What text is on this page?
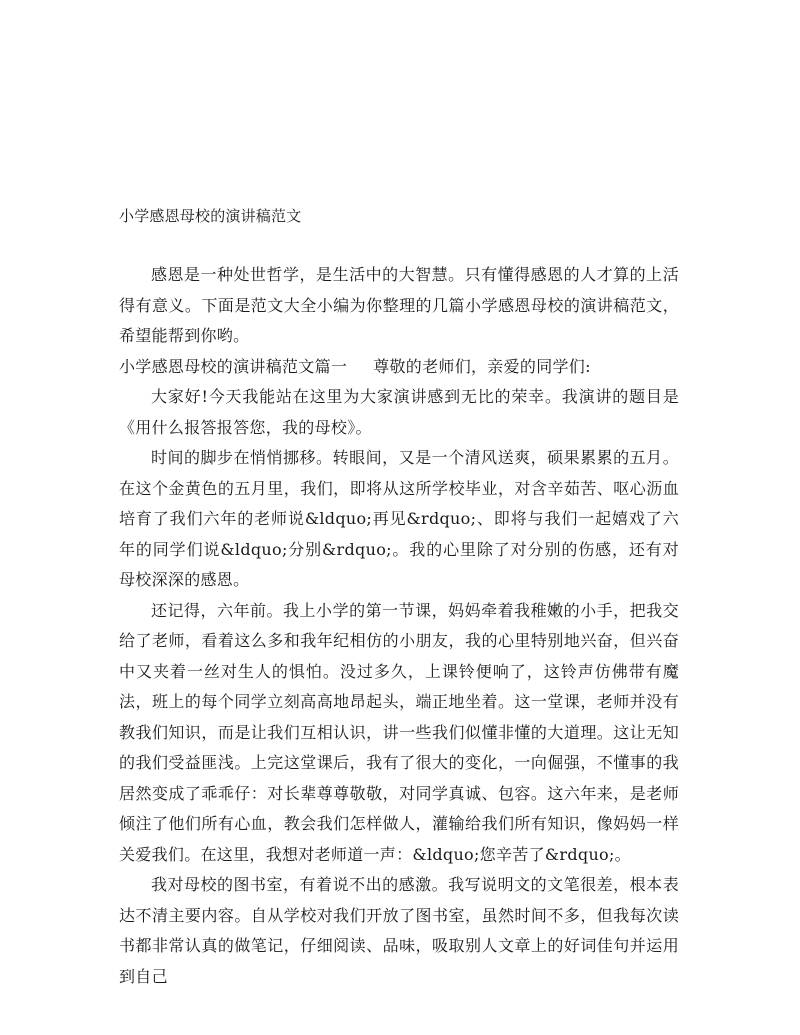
小学感恩母校的演讲稿范文

感恩是一种处世哲学，是生活中的大智慧。只有懂得感恩的人才算的上活得有意义。下面是范文大全小编为你整理的几篇小学感恩母校的演讲稿范文，希望能帮到你哟。

小学感恩母校的演讲稿范文篇一 尊敬的老师们，亲爱的同学们:

大家好!今天我能站在这里为大家演讲感到无比的荣幸。我演讲的题目是《用什么报答报答您，我的母校》。

时间的脚步在悄悄挪移。转眼间，又是一个清风送爽，硕果累累的五月。在这个金黄色的五月里，我们，即将从这所学校毕业，对含辛茹苦、呕心沥血培育了我们六年的老师说&ldquo;再见&rdquo;、即将与我们一起嬉戏了六年的同学们说&ldquo;分别&rdquo;。我的心里除了对分别的伤感，还有对母校深深的感恩。

还记得，六年前。我上小学的第一节课，妈妈牵着我稚嫩的小手，把我交给了老师，看着这么多和我年纪相仿的小朋友，我的心里特别地兴奋，但兴奋中又夹着一丝对生人的惧怕。没过多久，上课铃便响了，这铃声仿佛带有魔法，班上的每个同学立刻高高地昂起头，端正地坐着。这一堂课，老师并没有教我们知识，而是让我们互相认识，讲一些我们似懂非懂的大道理。这让无知的我们受益匪浅。上完这堂课后，我有了很大的变化，一向倔强，不懂事的我居然变成了乖乖仔：对长辈尊尊敬敬，对同学真诚、包容。这六年来，是老师倾注了他们所有心血，教会我们怎样做人，灌输给我们所有知识，像妈妈一样关爱我们。在这里，我想对老师道一声：&ldquo;您辛苦了&rdquo;。

我对母校的图书室，有着说不出的感激。我写说明文的文笔很差，根本表达不清主要内容。自从学校对我们开放了图书室，虽然时间不多，但我每次读书都非常认真的做笔记，仔细阅读、品味，吸取别人文章上的好词佳句并运用到自己
